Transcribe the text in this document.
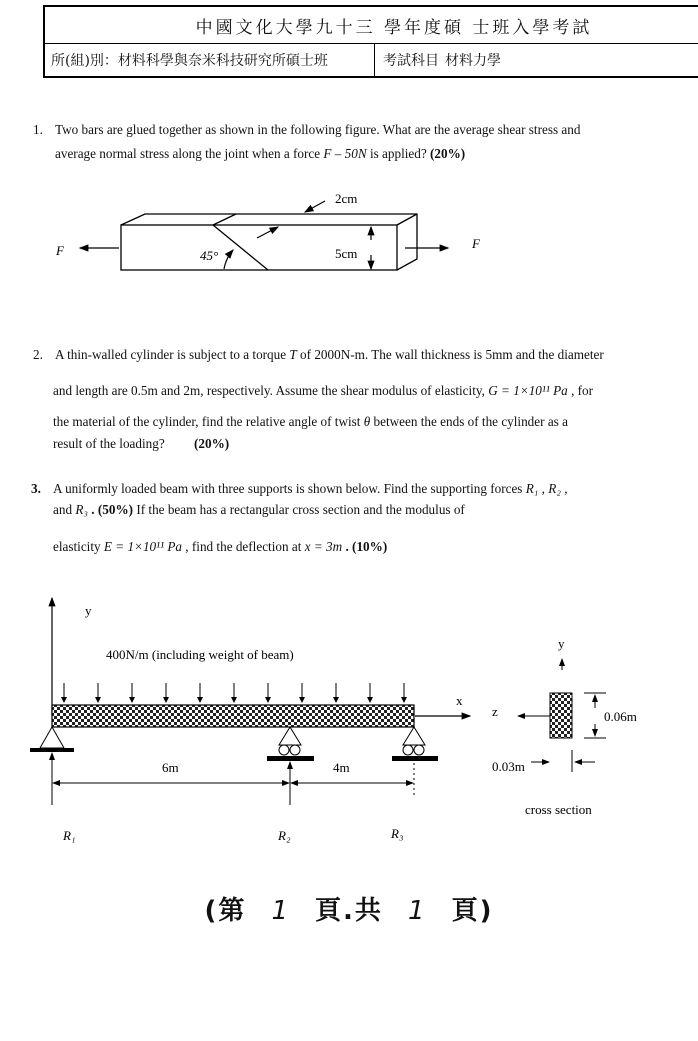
中國文化大學九十三 學年度碩 士班入學考試
所(組)別：材料科學與奈米科技研究所碩士班	考試科目 材料力學
1. Two bars are glued together as shown in the following figure. What are the average shear stress and
average normal stress along the joint when a force F – 50N is applied? (20%)
F	F
45°
2cm
5cm
2. A thin-walled cylinder is subject to a torque T of 2000N-m. The wall thickness is 5mm and the diameter
and length are 0.5m and 2m, respectively. Assume the shear modulus of elasticity, G = 1×10¹¹ Pa , for
the material of the cylinder, find the relative angle of twist θ between the ends of the cylinder as a
result of the loading? (20%)
3. A uniformly loaded beam with three supports is shown below. Find the supporting forces R₁ , R₂ ,
and R₃ . (50%) If the beam has a rectangular cross section and the modulus of
elasticity E = 1×10¹¹ Pa , find the deflection at x = 3m . (10%)
y
x
400N/m (including weight of beam)
6m	4m
R₁	R₂	R₃
y
z	0.06m
0.03m
cross section
(第 1 頁.共 1 頁)
